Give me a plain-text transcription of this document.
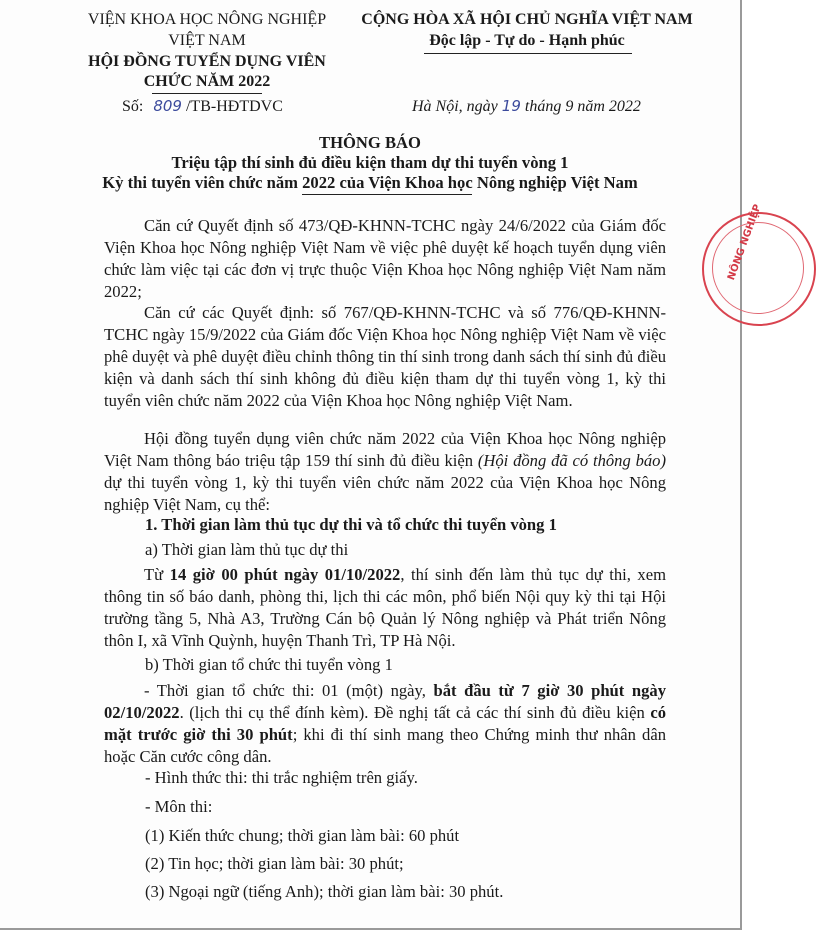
VIỆN KHOA HỌC NÔNG NGHIỆP
VIỆT NAM
HỘI ĐỒNG TUYỂN DỤNG VIÊN
CHỨC NĂM 2022
Số: 809 /TB-HĐTDVC
CỘNG HÒA XÃ HỘI CHỦ NGHĨA VIỆT NAM
Độc lập - Tự do - Hạnh phúc
Hà Nội, ngày 19 tháng 9 năm 2022
THÔNG BÁO
Triệu tập thí sinh đủ điều kiện tham dự thi tuyển vòng 1
Kỳ thi tuyển viên chức năm 2022 của Viện Khoa học Nông nghiệp Việt Nam
Căn cứ Quyết định số 473/QĐ-KHNN-TCHC ngày 24/6/2022 của Giám đốc Viện Khoa học Nông nghiệp Việt Nam về việc phê duyệt kế hoạch tuyển dụng viên chức làm việc tại các đơn vị trực thuộc Viện Khoa học Nông nghiệp Việt Nam năm 2022;
Căn cứ các Quyết định: số 767/QĐ-KHNN-TCHC và số 776/QĐ-KHNN-TCHC ngày 15/9/2022 của Giám đốc Viện Khoa học Nông nghiệp Việt Nam về việc phê duyệt và phê duyệt điều chỉnh thông tin thí sinh trong danh sách thí sinh đủ điều kiện và danh sách thí sinh không đủ điều kiện tham dự thi tuyển vòng 1, kỳ thi tuyển viên chức năm 2022 của Viện Khoa học Nông nghiệp Việt Nam.
Hội đồng tuyển dụng viên chức năm 2022 của Viện Khoa học Nông nghiệp Việt Nam thông báo triệu tập 159 thí sinh đủ điều kiện (Hội đồng đã có thông báo) dự thi tuyển vòng 1, kỳ thi tuyển viên chức năm 2022 của Viện Khoa học Nông nghiệp Việt Nam, cụ thể:
1. Thời gian làm thủ tục dự thi và tổ chức thi tuyển vòng 1
a) Thời gian làm thủ tục dự thi
Từ 14 giờ 00 phút ngày 01/10/2022, thí sinh đến làm thủ tục dự thi, xem thông tin số báo danh, phòng thi, lịch thi các môn, phổ biến Nội quy kỳ thi tại Hội trường tầng 5, Nhà A3, Trường Cán bộ Quản lý Nông nghiệp và Phát triển Nông thôn I, xã Vĩnh Quỳnh, huyện Thanh Trì, TP Hà Nội.
b) Thời gian tổ chức thi tuyển vòng 1
- Thời gian tổ chức thi: 01 (một) ngày, bắt đầu từ 7 giờ 30 phút ngày 02/10/2022. (lịch thi cụ thể đính kèm). Đề nghị tất cả các thí sinh đủ điều kiện có mặt trước giờ thi 30 phút; khi đi thí sinh mang theo Chứng minh thư nhân dân hoặc Căn cước công dân.
- Hình thức thi: thi trắc nghiệm trên giấy.
- Môn thi:
(1) Kiến thức chung; thời gian làm bài: 60 phút
(2) Tin học; thời gian làm bài: 30 phút;
(3) Ngoại ngữ (tiếng Anh); thời gian làm bài: 30 phút.
NÔNG NGHIỆP
